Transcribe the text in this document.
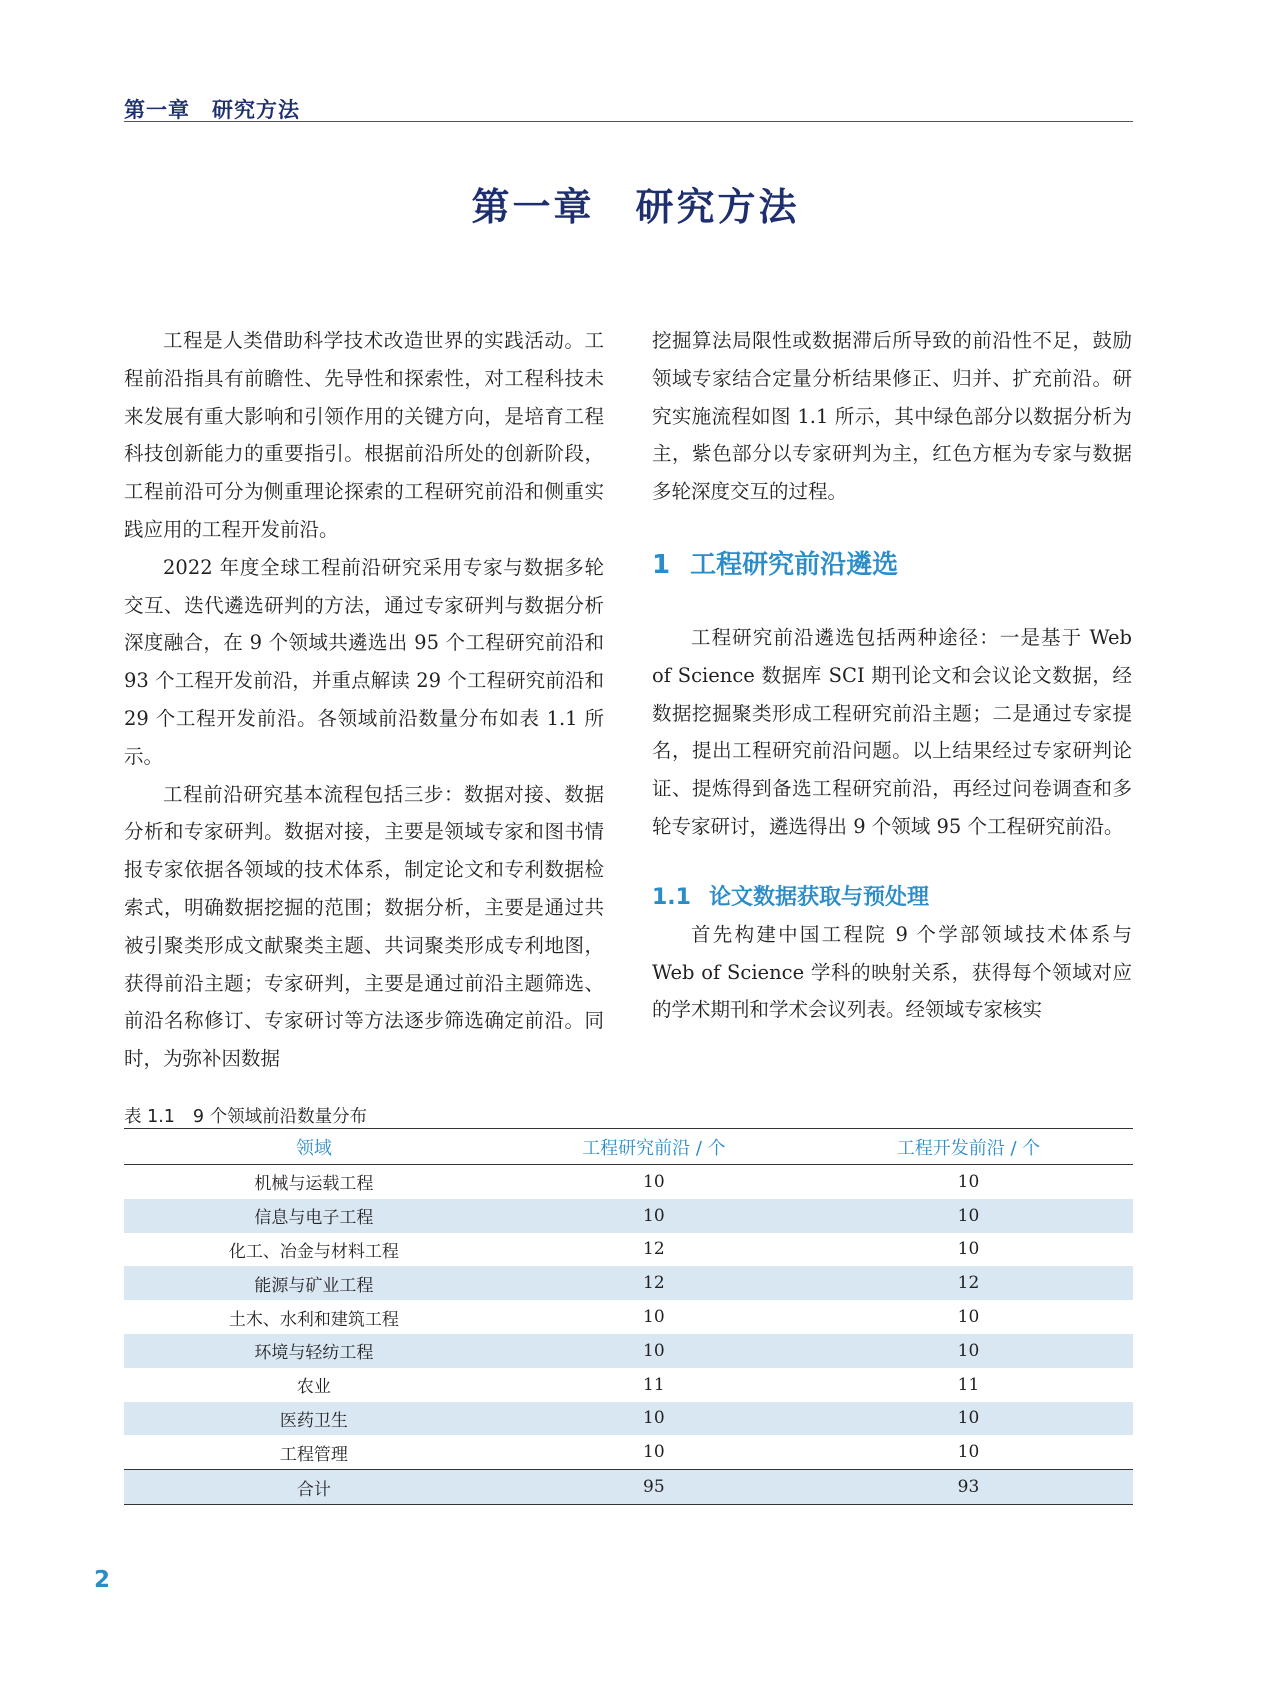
第一章　研究方法
第一章　研究方法

工程是人类借助科学技术改造世界的实践活动。工程前沿指具有前瞻性、先导性和探索性，对工程科技未来发展有重大影响和引领作用的关键方向，是培育工程科技创新能力的重要指引。根据前沿所处的创新阶段，工程前沿可分为侧重理论探索的工程研究前沿和侧重实践应用的工程开发前沿。

2022 年度全球工程前沿研究采用专家与数据多轮交互、迭代遴选研判的方法，通过专家研判与数据分析深度融合，在 9 个领域共遴选出 95 个工程研究前沿和 93 个工程开发前沿，并重点解读 29 个工程研究前沿和 29 个工程开发前沿。各领域前沿数量分布如表 1.1 所示。

工程前沿研究基本流程包括三步：数据对接、数据分析和专家研判。数据对接，主要是领域专家和图书情报专家依据各领域的技术体系，制定论文和专利数据检索式，明确数据挖掘的范围；数据分析，主要是通过共被引聚类形成文献聚类主题、共词聚类形成专利地图，获得前沿主题；专家研判，主要是通过前沿主题筛选、前沿名称修订、专家研讨等方法逐步筛选确定前沿。同时，为弥补因数据

挖掘算法局限性或数据滞后所导致的前沿性不足，鼓励领域专家结合定量分析结果修正、归并、扩充前沿。研究实施流程如图 1.1 所示，其中绿色部分以数据分析为主，紫色部分以专家研判为主，红色方框为专家与数据多轮深度交互的过程。

1 工程研究前沿遴选

工程研究前沿遴选包括两种途径：一是基于 Web of Science 数据库 SCI 期刊论文和会议论文数据，经数据挖掘聚类形成工程研究前沿主题；二是通过专家提名，提出工程研究前沿问题。以上结果经过专家研判论证、提炼得到备选工程研究前沿，再经过问卷调查和多轮专家研讨，遴选得出 9 个领域 95 个工程研究前沿。

1.1 论文数据获取与预处理

首先构建中国工程院 9 个学部领域技术体系与 Web of Science 学科的映射关系，获得每个领域对应的学术期刊和学术会议列表。经领域专家核实

表 1.1 9 个领域前沿数量分布
领域	工程研究前沿 / 个	工程开发前沿 / 个
机械与运载工程	10	10
信息与电子工程	10	10
化工、冶金与材料工程	12	10
能源与矿业工程	12	12
土木、水利和建筑工程	10	10
环境与轻纺工程	10	10
农业	11	11
医药卫生	10	10
工程管理	10	10
合计	95	93
2
